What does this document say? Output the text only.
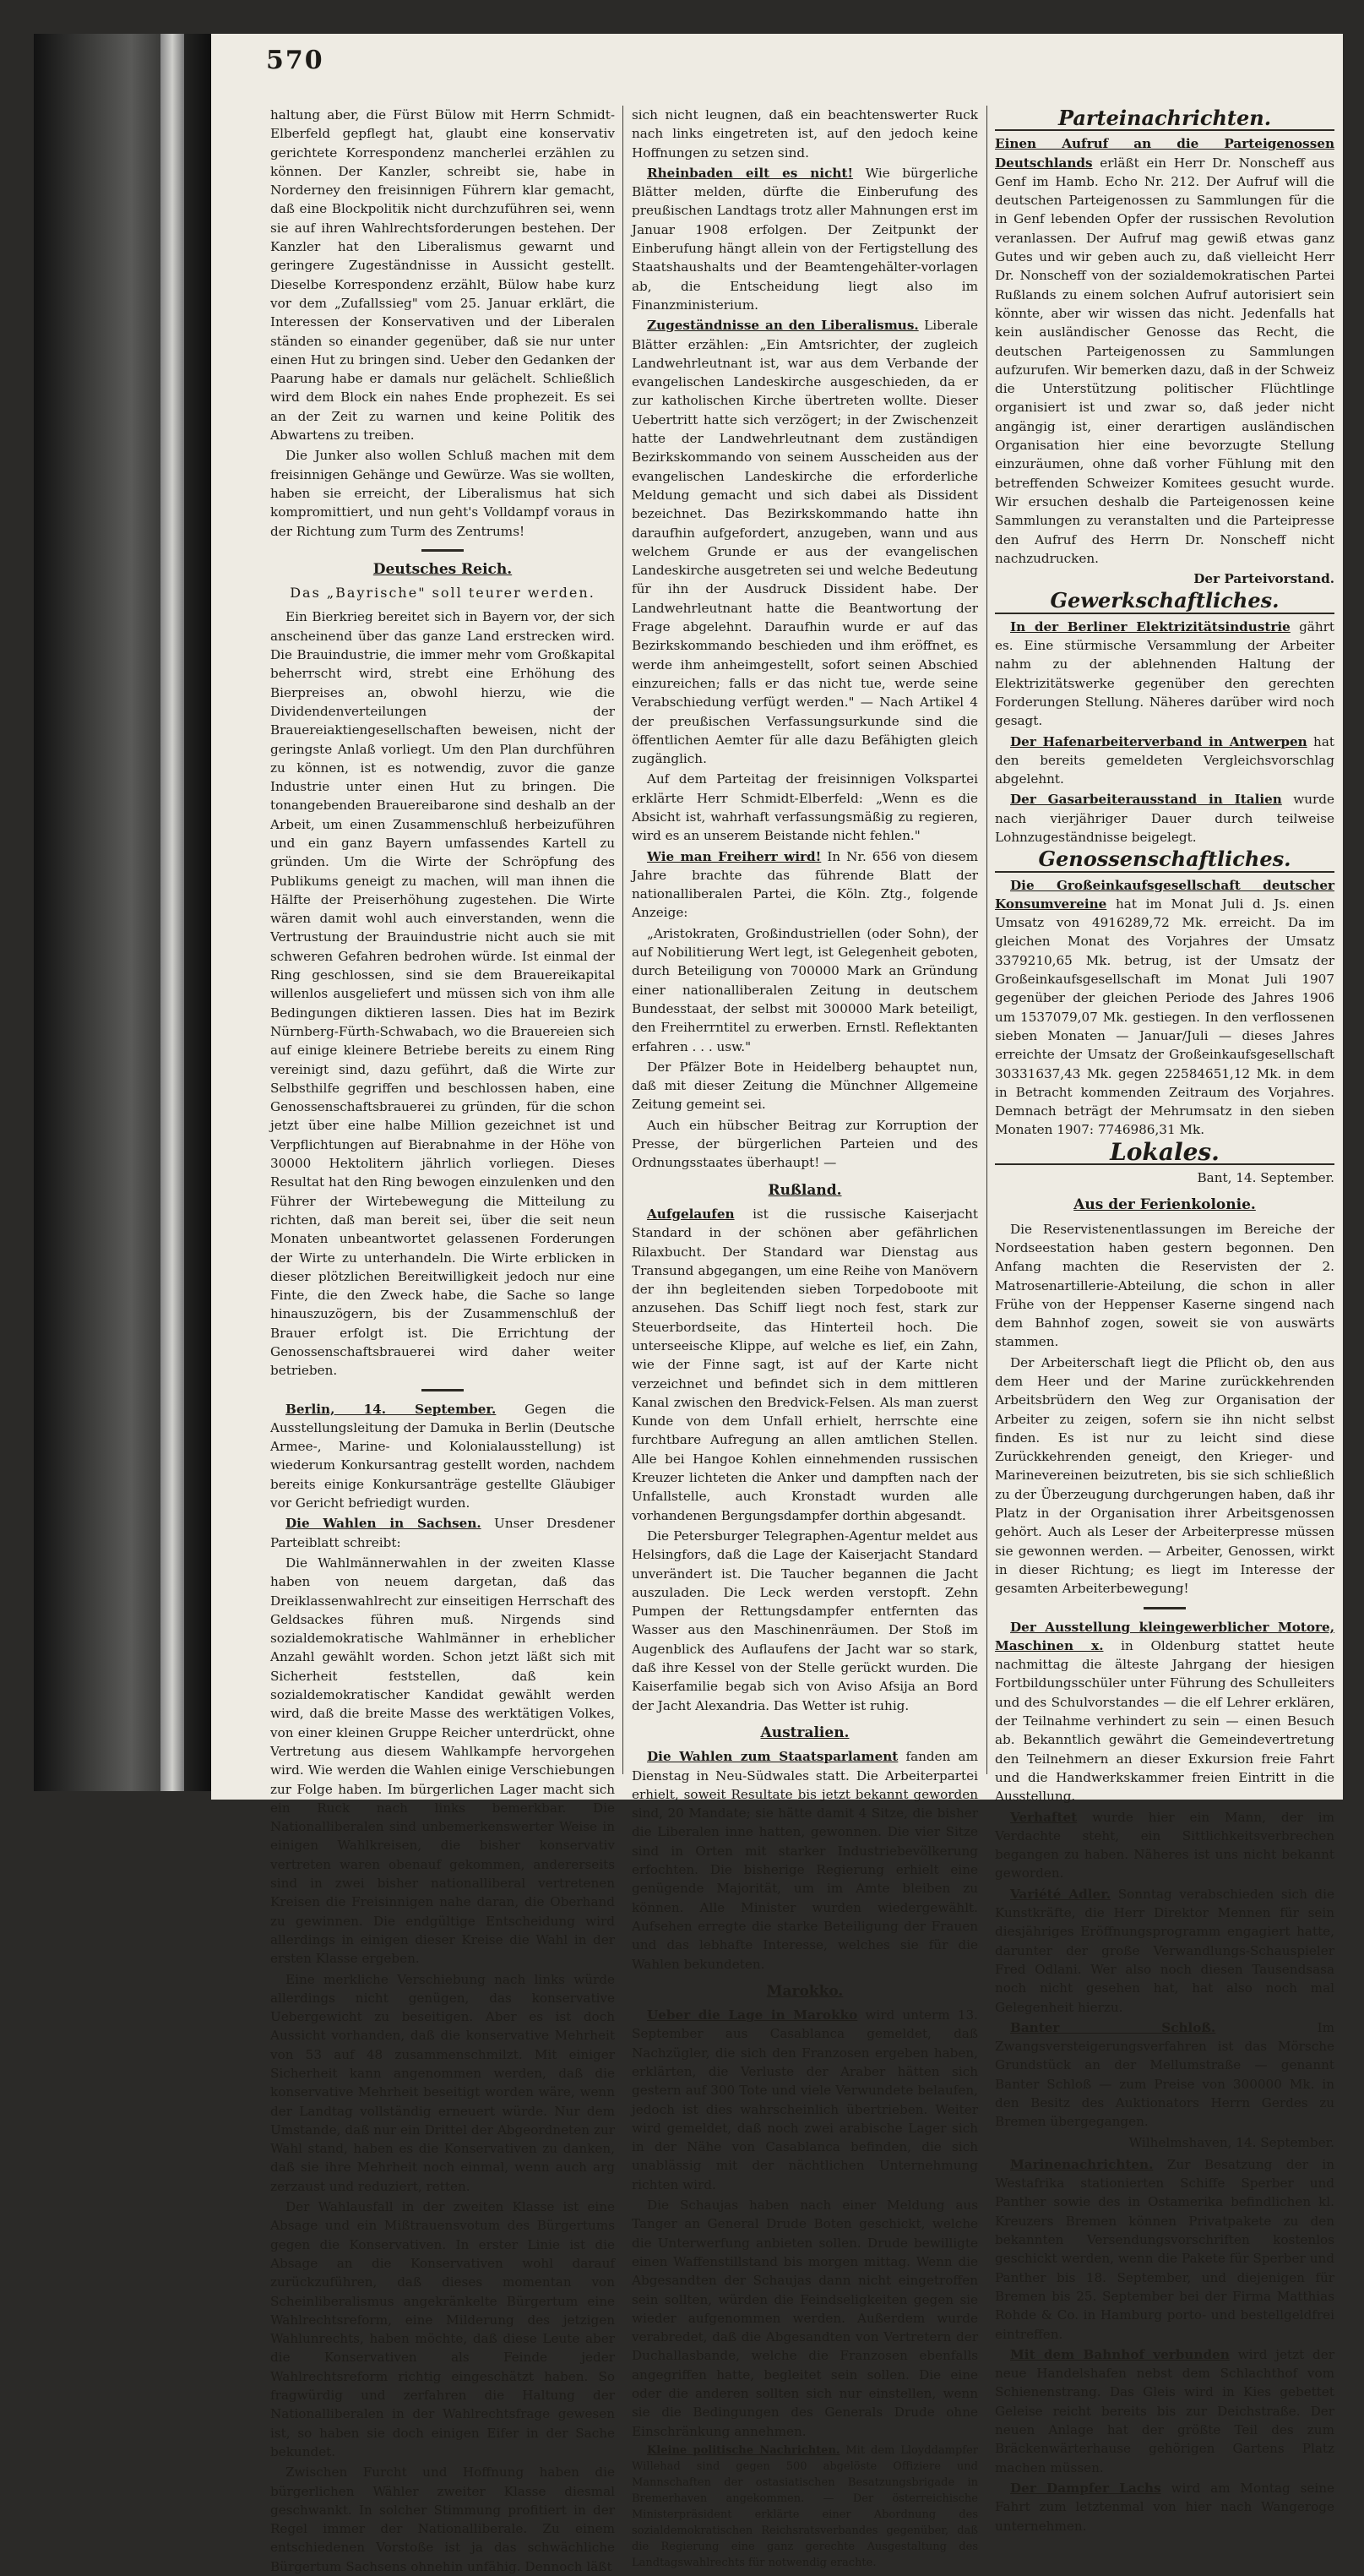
570

haltung aber, die Fürst Bülow mit Herrn Schmidt-Elberfeld gepflegt hat, glaubt eine konservativ gerichtete Korrespondenz mancherlei erzählen zu können. Der Kanzler, schreibt sie, habe in Norderney den freisinnigen Führern klar gemacht, daß eine Blockpolitik nicht durchzuführen sei, wenn sie auf ihren Wahlrechtsforderungen bestehen. Der Kanzler hat den Liberalismus gewarnt und geringere Zugeständnisse in Aussicht gestellt. Dieselbe Korrespondenz erzählt, Bülow habe kurz vor dem „Zufallssieg" vom 25. Januar erklärt, die Interessen der Konservativen und der Liberalen ständen so einander gegenüber, daß sie nur unter einen Hut zu bringen sind. Ueber den Gedanken der Paarung habe er damals nur gelächelt. Schließlich wird dem Block ein nahes Ende prophezeit. Es sei an der Zeit zu warnen und keine Politik des Abwartens zu treiben.

Die Junker also wollen Schluß machen mit dem freisinnigen Gehänge und Gewürze. Was sie wollten, haben sie erreicht, der Liberalismus hat sich kompromittiert, und nun geht's Volldampf voraus in der Richtung zum Turm des Zentrums!

Deutsches Reich.
Das „Bayrische" soll teurer werden.

Ein Bierkrieg bereitet sich in Bayern vor, der sich anscheinend über das ganze Land erstrecken wird. Die Brauindustrie, die immer mehr vom Großkapital beherrscht wird, strebt eine Erhöhung des Bierpreises an, obwohl hierzu, wie die Dividendenverteilungen der Brauereiaktiengesellschaften beweisen, nicht der geringste Anlaß vorliegt. Um den Plan durchführen zu können, ist es notwendig, zuvor die ganze Industrie unter einen Hut zu bringen. Die tonangebenden Brauereibarone sind deshalb an der Arbeit, um einen Zusammenschluß herbeizuführen und ein ganz Bayern umfassendes Kartell zu gründen. Um die Wirte der Schröpfung des Publikums geneigt zu machen, will man ihnen die Hälfte der Preiserhöhung zugestehen. Die Wirte wären damit wohl auch einverstanden, wenn die Vertrustung der Brauindustrie nicht auch sie mit schweren Gefahren bedrohen würde. Ist einmal der Ring geschlossen, sind sie dem Brauereikapital willenlos ausgeliefert und müssen sich von ihm alle Bedingungen diktieren lassen. Dies hat im Bezirk Nürnberg-Fürth-Schwabach, wo die Brauereien sich auf einige kleinere Betriebe bereits zu einem Ring vereinigt sind, dazu geführt, daß die Wirte zur Selbsthilfe gegriffen und beschlossen haben, eine Genossenschaftsbrauerei zu gründen, für die schon jetzt über eine halbe Million gezeichnet ist und Verpflichtungen auf Bierabnahme in der Höhe von 30000 Hektolitern jährlich vorliegen. Dieses Resultat hat den Ring bewogen einzulenken und den Führer der Wirtebewegung die Mitteilung zu richten, daß man bereit sei, über die seit neun Monaten unbeantwortet gelassenen Forderungen der Wirte zu unterhandeln. Die Wirte erblicken in dieser plötzlichen Bereitwilligkeit jedoch nur eine Finte, die den Zweck habe, die Sache so lange hinauszuzögern, bis der Zusammenschluß der Brauer erfolgt ist. Die Errichtung der Genossenschaftsbrauerei wird daher weiter betrieben.

Berlin, 14. September. Gegen die Ausstellungsleitung der Damuka in Berlin (Deutsche Armee-, Marine- und Kolonialausstellung) ist wiederum Konkursantrag gestellt worden, nachdem bereits einige Konkursanträge gestellte Gläubiger vor Gericht befriedigt wurden.

Die Wahlen in Sachsen. Unser Dresdener Parteiblatt schreibt:

Die Wahlmännerwahlen in der zweiten Klasse haben von neuem dargetan, daß das Dreiklassenwahlrecht zur einseitigen Herrschaft des Geldsackes führen muß. Nirgends sind sozialdemokratische Wahlmänner in erheblicher Anzahl gewählt worden. Schon jetzt läßt sich mit Sicherheit feststellen, daß kein sozialdemokratischer Kandidat gewählt werden wird, daß die breite Masse des werktätigen Volkes, von einer kleinen Gruppe Reicher unterdrückt, ohne Vertretung aus diesem Wahlkampfe hervorgehen wird. Wie werden die Wahlen einige Verschiebungen zur Folge haben. Im bürgerlichen Lager macht sich ein Ruck nach links bemerkbar. Die Nationalliberalen sind unbemerkenswerter Weise in einigen Wahlkreisen, die bisher konservativ vertreten waren obenauf gekommen, andererseits sind in zwei bisher nationalliberal vertretenen Kreisen die Freisinnigen nahe daran, die Oberhand zu gewinnen. Die endgültige Entscheidung wird allerdings in einigen dieser Kreise die Wahl in der ersten Klasse ergeben.

Eine merkliche Verschiebung nach links würde allerdings nicht genügen, das konservative Uebergewicht zu beseitigen. Aber es ist doch Aussicht vorhanden, daß die konservative Mehrheit von 53 auf 48 zusammenschmilzt. Mit einiger Sicherheit kann angenommen werden, daß die konservative Mehrheit beseitigt worden wäre, wenn der Landtag vollständig erneuert würde. Nur dem Umstande, daß nur ein Drittel der Abgeordneten zur Wahl stand, haben es die Konservativen zu danken, daß sie ihre Mehrheit noch einmal, wenn auch arg zerzaust und reduziert, retten.

Der Wahlausfall in der zweiten Klasse ist eine Absage und ein Mißtrauensvotum des Bürgertums gegen die Konservativen. In erster Linie ist die Absage an die Konservativen wohl darauf zurückzuführen, daß dieses momentan von Scheinliberalismus angekränkelte Bürgertum eine Wahlrechtsreform, eine Milderung des jetzigen Wahlunrechts, haben möchte, daß diese Leute aber die Konservativen als Feinde jeder Wahlrechtsreform richtig eingeschätzt haben. So fragwürdig und zerfahren die Haltung der Nationalliberalen in der Wahlrechtsfrage gewesen ist, so haben sie doch einigen Eifer in der Sache bekundet.

Zwischen Furcht und Hoffnung haben die bürgerlichen Wähler zweiter Klasse diesmal geschwankt. In solcher Stimmung profitiert in der Regel immer der Nationalliberale. Zu einem entschiedenen Vorstoße ist ja das schwächliche Bürgertum Sachsens ohnehin unfähig. Dennoch läßt

sich nicht leugnen, daß ein beachtenswerter Ruck nach links eingetreten ist, auf den jedoch keine Hoffnungen zu setzen sind.

Rheinbaden eilt es nicht! Wie bürgerliche Blätter melden, dürfte die Einberufung des preußischen Landtags trotz aller Mahnungen erst im Januar 1908 erfolgen. Der Zeitpunkt der Einberufung hängt allein von der Fertigstellung des Staatshaushalts und der Beamtengehälter-vorlagen ab, die Entscheidung liegt also im Finanzministerium.

Zugeständnisse an den Liberalismus. Liberale Blätter erzählen: „Ein Amtsrichter, der zugleich Landwehrleutnant ist, war aus dem Verbande der evangelischen Landeskirche ausgeschieden, da er zur katholischen Kirche übertreten wollte. Dieser Uebertritt hatte sich verzögert; in der Zwischenzeit hatte der Landwehrleutnant dem zuständigen Bezirkskommando von seinem Ausscheiden aus der evangelischen Landeskirche die erforderliche Meldung gemacht und sich dabei als Dissident bezeichnet. Das Bezirkskommando hatte ihn daraufhin aufgefordert, anzugeben, wann und aus welchem Grunde er aus der evangelischen Landeskirche ausgetreten sei und welche Bedeutung für ihn der Ausdruck Dissident habe. Der Landwehrleutnant hatte die Beantwortung der Frage abgelehnt. Daraufhin wurde er auf das Bezirkskommando beschieden und ihm eröffnet, es werde ihm anheimgestellt, sofort seinen Abschied einzureichen; falls er das nicht tue, werde seine Verabschiedung verfügt werden." — Nach Artikel 4 der preußischen Verfassungsurkunde sind die öffentlichen Aemter für alle dazu Befähigten gleich zugänglich.

Auf dem Parteitag der freisinnigen Volkspartei erklärte Herr Schmidt-Elberfeld: „Wenn es die Absicht ist, wahrhaft verfassungsmäßig zu regieren, wird es an unserem Beistande nicht fehlen."

Wie man Freiherr wird! In Nr. 656 von diesem Jahre brachte das führende Blatt der nationalliberalen Partei, die Köln. Ztg., folgende Anzeige:

„Aristokraten, Großindustriellen (oder Sohn), der auf Nobilitierung Wert legt, ist Gelegenheit geboten, durch Beteiligung von 700000 Mark an Gründung einer nationalliberalen Zeitung in deutschem Bundesstaat, der selbst mit 300000 Mark beteiligt, den Freiherrntitel zu erwerben. Ernstl. Reflektanten erfahren . . . usw."

Der Pfälzer Bote in Heidelberg behauptet nun, daß mit dieser Zeitung die Münchner Allgemeine Zeitung gemeint sei.

Auch ein hübscher Beitrag zur Korruption der Presse, der bürgerlichen Parteien und des Ordnungsstaates überhaupt! —

Rußland.

Aufgelaufen ist die russische Kaiserjacht Standard in der schönen aber gefährlichen Rilaxbucht. Der Standard war Dienstag aus Transund abgegangen, um eine Reihe von Manövern der ihn begleitenden sieben Torpedoboote mit anzusehen. Das Schiff liegt noch fest, stark zur Steuerbordseite, das Hinterteil hoch. Die unterseeische Klippe, auf welche es lief, ein Zahn, wie der Finne sagt, ist auf der Karte nicht verzeichnet und befindet sich in dem mittleren Kanal zwischen den Bredvick-Felsen. Als man zuerst Kunde von dem Unfall erhielt, herrschte eine furchtbare Aufregung an allen amtlichen Stellen. Alle bei Hangoe Kohlen einnehmenden russischen Kreuzer lichteten die Anker und dampften nach der Unfallstelle, auch Kronstadt wurden alle vorhandenen Bergungsdampfer dorthin abgesandt.

Die Petersburger Telegraphen-Agentur meldet aus Helsingfors, daß die Lage der Kaiserjacht Standard unverändert ist. Die Taucher begannen die Jacht auszuladen. Die Leck werden verstopft. Zehn Pumpen der Rettungsdampfer entfernten das Wasser aus den Maschinenräumen. Der Stoß im Augenblick des Auflaufens der Jacht war so stark, daß ihre Kessel von der Stelle gerückt wurden. Die Kaiserfamilie begab sich von Aviso Afsija an Bord der Jacht Alexandria. Das Wetter ist ruhig.

Australien.

Die Wahlen zum Staatsparlament fanden am Dienstag in Neu-Südwales statt. Die Arbeiterpartei erhielt, soweit Resultate bis jetzt bekannt geworden sind, 20 Mandate; sie hätte damit 4 Sitze, die bisher die Liberalen inne hatten, gewonnen. Die vier Sitze sind in Orten mit starker Industriebevölkerung erfochten. Die bisherige Regierung erhielt eine genügende Majorität, um im Amte bleiben zu können. Alle Minister wurden wiedergewählt. Aufsehen erregte die starke Beteiligung der Frauen und das lebhafte Interesse, welches sie für die Wahlen bekundeten.

Marokko.

Ueber die Lage in Marokko wird unterm 13. September aus Casablanca gemeldet, daß Nachzügler, die sich den Franzosen ergeben haben, erklärten, die Verluste der Araber hätten sich gestern auf 300 Tote und viele Verwundete belaufen, jedoch ist dies wahrscheinlich übertrieben. Weiter wird gemeldet, daß noch zwei arabische Lager sich in der Nähe von Casablanca befinden, die sich unablässig mit der nächtlichen Unternehmung richten wird.

Die Schaujas haben nach einer Meldung aus Tanger an General Drude Boten geschickt, welche die Unterwerfung anbieten sollen. Drude bewilligte einen Waffenstillstand bis morgen mittag. Wenn die Abgesandten der Schaujas dann nicht eingetroffen sein sollten, würden die Feindseligkeiten gegen sie wieder aufgenommen werden. Außerdem wurde verabredet, daß die Abgesandten von Vertretern der Duchallasbande, welche die Franzosen ebenfalls angegriffen hatte, begleitet sein sollen. Die eine oder die anderen sollten sich nur einstellen, wenn sie die Bedingungen des Generals Drude ohne Einschränkung annehmen.

Kleine politische Nachrichten. Mit dem Lloyddampfer Willehad sind gegen 500 abgelöste Offiziere und Mannschaften der ostasiatischen Besatzungsbrigade in Bremerhaven angekommen. — Der österreichische Ministerpräsident erklärte einer Abordnung des sozialdemokratischen Reichsratsverbandes gegenüber, daß die Regierung eine ganz gerechte Ausgestaltung des Landtagswahlrechts für notwendig erachte.

Parteinachrichten.

Einen Aufruf an die Parteigenossen Deutschlands erläßt ein Herr Dr. Nonscheff aus Genf im Hamb. Echo Nr. 212. Der Aufruf will die deutschen Parteigenossen zu Sammlungen für die in Genf lebenden Opfer der russischen Revolution veranlassen. Der Aufruf mag gewiß etwas ganz Gutes und wir geben auch zu, daß vielleicht Herr Dr. Nonscheff von der sozialdemokratischen Partei Rußlands zu einem solchen Aufruf autorisiert sein könnte, aber wir wissen das nicht. Jedenfalls hat kein ausländischer Genosse das Recht, die deutschen Parteigenossen zu Sammlungen aufzurufen. Wir bemerken dazu, daß in der Schweiz die Unterstützung politischer Flüchtlinge organisiert ist und zwar so, daß jeder nicht angängig ist, einer derartigen ausländischen Organisation hier eine bevorzugte Stellung einzuräumen, ohne daß vorher Fühlung mit den betreffenden Schweizer Komitees gesucht wurde. Wir ersuchen deshalb die Parteigenossen keine Sammlungen zu veranstalten und die Parteipresse den Aufruf des Herrn Dr. Nonscheff nicht nachzudrucken.

Der Parteivorstand.
Gewerkschaftliches.

In der Berliner Elektrizitätsindustrie gährt es. Eine stürmische Versammlung der Arbeiter nahm zu der ablehnenden Haltung der Elektrizitätswerke gegenüber den gerechten Forderungen Stellung. Näheres darüber wird noch gesagt.

Der Hafenarbeiterverband in Antwerpen hat den bereits gemeldeten Vergleichsvorschlag abgelehnt.

Der Gasarbeiterausstand in Italien wurde nach vierjähriger Dauer durch teilweise Lohnzugeständnisse beigelegt.

Genossenschaftliches.

Die Großeinkaufsgesellschaft deutscher Konsumvereine hat im Monat Juli d. Js. einen Umsatz von 4916289,72 Mk. erreicht. Da im gleichen Monat des Vorjahres der Umsatz 3379210,65 Mk. betrug, ist der Umsatz der Großeinkaufsgesellschaft im Monat Juli 1907 gegenüber der gleichen Periode des Jahres 1906 um 1537079,07 Mk. gestiegen. In den verflossenen sieben Monaten — Januar/Juli — dieses Jahres erreichte der Umsatz der Großeinkaufsgesellschaft 30331637,43 Mk. gegen 22584651,12 Mk. in dem in Betracht kommenden Zeitraum des Vorjahres. Demnach beträgt der Mehrumsatz in den sieben Monaten 1907: 7746986,31 Mk.

Lokales.
Bant, 14. September.
Aus der Ferienkolonie.

Die Reservistenentlassungen im Bereiche der Nordseestation haben gestern begonnen. Den Anfang machten die Reservisten der 2. Matrosenartillerie-Abteilung, die schon in aller Frühe von der Heppenser Kaserne singend nach dem Bahnhof zogen, soweit sie von auswärts stammen.

Der Arbeiterschaft liegt die Pflicht ob, den aus dem Heer und der Marine zurückkehrenden Arbeitsbrüdern den Weg zur Organisation der Arbeiter zu zeigen, sofern sie ihn nicht selbst finden. Es ist nur zu leicht sind diese Zurückkehrenden geneigt, den Krieger- und Marinevereinen beizutreten, bis sie sich schließlich zu der Überzeugung durchgerungen haben, daß ihr Platz in der Organisation ihrer Arbeitsgenossen gehört. Auch als Leser der Arbeiterpresse müssen sie gewonnen werden. — Arbeiter, Genossen, wirkt in dieser Richtung; es liegt im Interesse der gesamten Arbeiterbewegung!

Der Ausstellung kleingewerblicher Motore, Maschinen x. in Oldenburg stattet heute nachmittag die älteste Jahrgang der hiesigen Fortbildungsschüler unter Führung des Schulleiters und des Schulvorstandes — die elf Lehrer erklären, der Teilnahme verhindert zu sein — einen Besuch ab. Bekanntlich gewährt die Gemeindevertretung den Teilnehmern an dieser Exkursion freie Fahrt und die Handwerkskammer freien Eintritt in die Ausstellung.

Verhaftet wurde hier ein Mann, der im Verdachte steht, ein Sittlichkeitsverbrechen begangen zu haben. Näheres ist uns nicht bekannt geworden.

Variété Adler. Sonntag verabschieden sich die Kunstkräfte, die Herr Direktor Mennen für sein diesjähriges Eröffnungsprogramm engagiert hatte, darunter der große Verwandlungs-Schauspieler Fred Odlani. Wer also noch diesen Tausendsasa noch nicht gesehen hat, hat also noch mal Gelegenheit hierzu.

Banter Schloß.	Im Zwangsversteigerungsverfahren ist das Mörsche Grundstück an der Mellumstraße — genannt Banter Schloß — zum Preise von 300000 Mk. in den Besitz des Auktionators Herrn Gerdes zu Bremen übergegangen.

Wilhelmshaven, 14. September.

Marinenachrichten. Zur Besatzung der in Westafrika stationierten Schiffe Sperber und Panther sowie des in Ostamerika befindlichen kl. Kreuzers Bremen können Privatpakete zu den bekannten Versendungsvorschriften kostenlos geschickt werden, wenn die Pakete für Sperber und Panther bis 18. September, und diejenigen für Bremen bis 25. September bei der Firma Matthias Rohde & Co. in Hamburg porto- und bestellgeldfrei eintreffen.

Mit dem Bahnhof verbunden wird jetzt der neue Handelshafen nebst dem Schlachthof vom Schienenstrang. Das Gleis wird in Kies gebettet Geleise reicht bereits bis zur Deichstraße. Der neuen Anlage hat der größte Teil des zum Bräckenwärterhause gehörigen Gartens Platz machen müssen.

Der Dampfer Lachs wird am Montag seine Fahrt zum letztenmal von hier nach Wangeroge unternehmen.
